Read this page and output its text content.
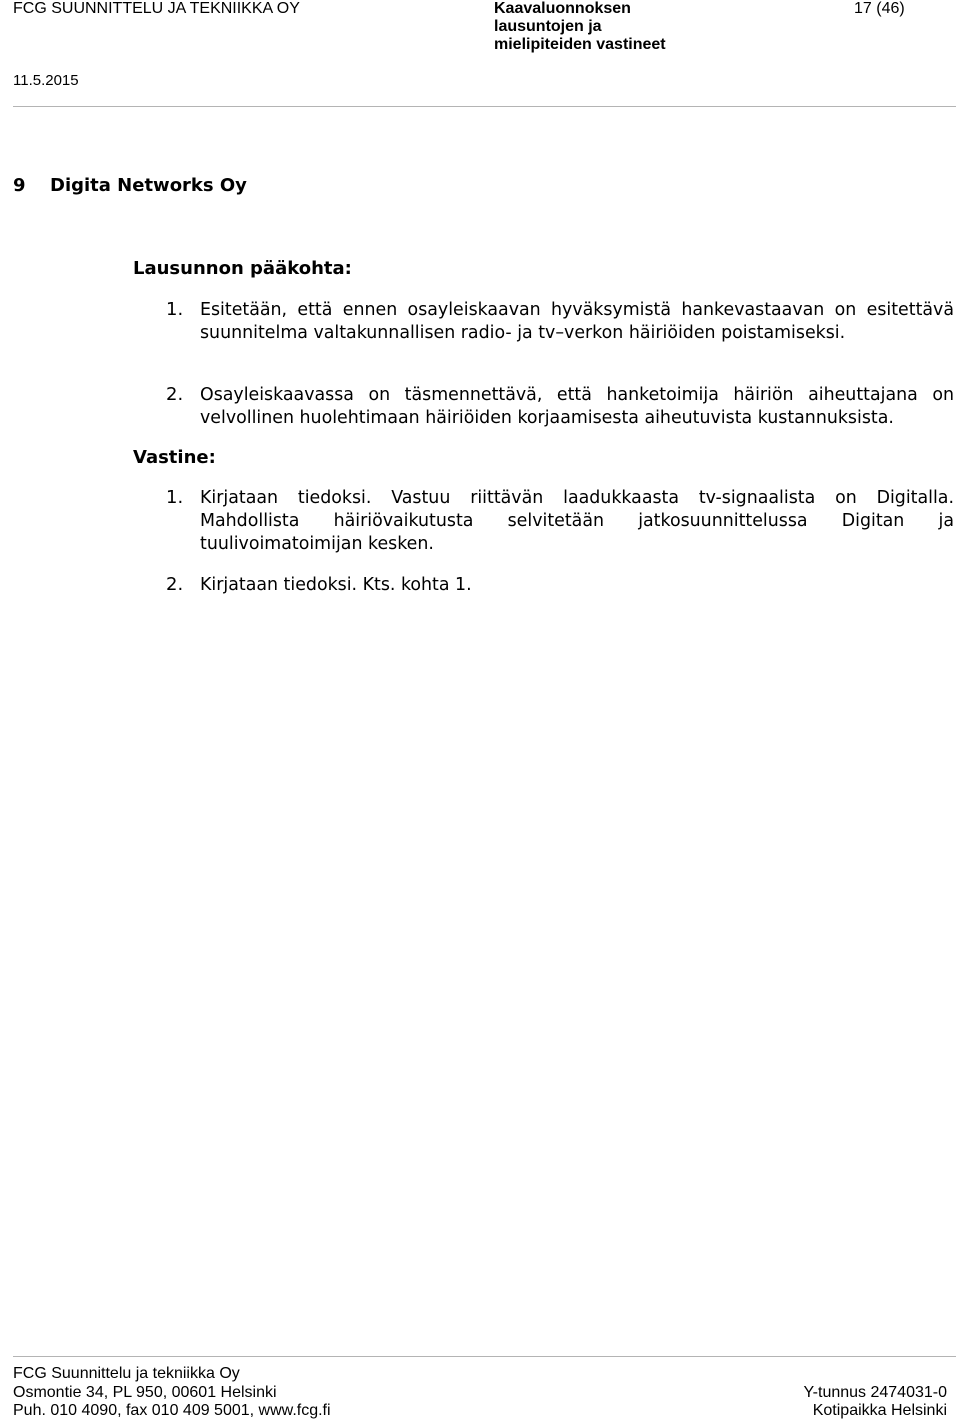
FCG SUUNNITTELU JA TEKNIIKKA OY	Kaavaluonnoksen
lausuntojen ja
mielipiteiden vastineet
17 (46)
11.5.2015
9 Digita Networks Oy
Lausunnon pääkohta:
1. Esitetään, että ennen osayleiskaavan hyväksymistä hankevastaavan on esitettävä suunnitelma valtakunnallisen radio- ja tv–verkon häiriöiden poistamiseksi.
2. Osayleiskaavassa on täsmennettävä, että hanketoimija häiriön aiheuttajana on velvollinen huolehtimaan häiriöiden korjaamisesta aiheutuvista kustannuksista.
Vastine:
1. Kirjataan tiedoksi. Vastuu riittävän laadukkaasta tv-signaalista on Digitalla. Mahdollista häiriövaikutusta selvitetään jatkosuunnittelussa Digitan ja tuulivoimatoimijan kesken.
2. Kirjataan tiedoksi. Kts. kohta 1.
FCG Suunnittelu ja tekniikka Oy
Osmontie 34, PL 950, 00601 Helsinki
Puh. 010 4090, fax 010 409 5001, www.fcg.fi
Y-tunnus 2474031-0
Kotipaikka Helsinki
